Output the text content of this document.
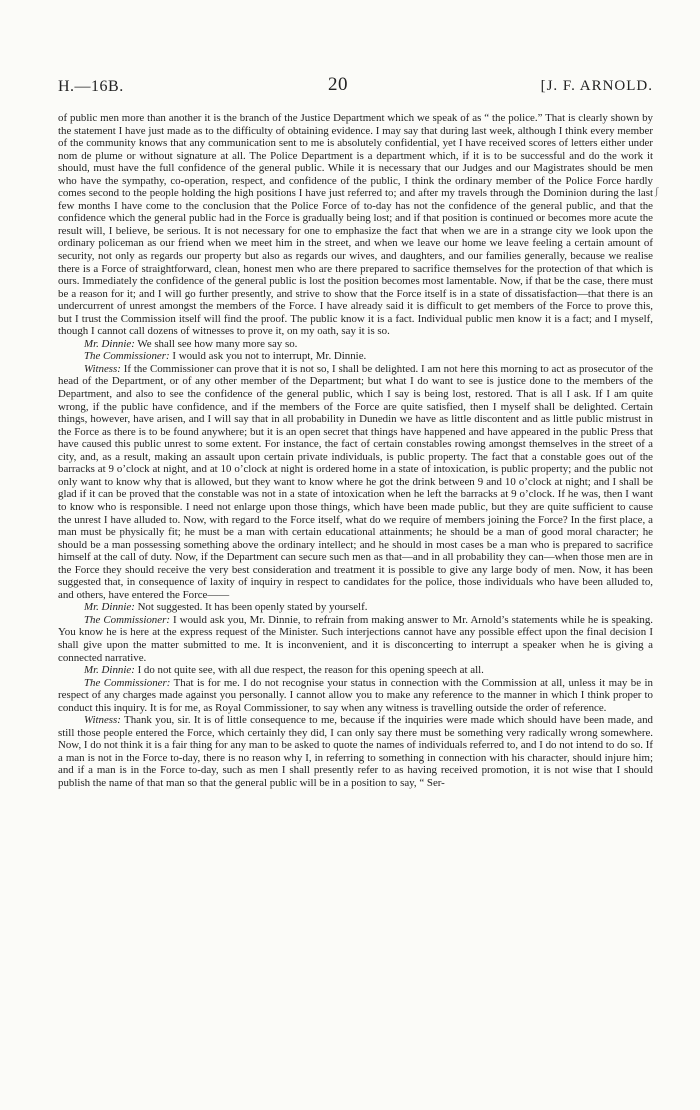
H.—16B.	20	[J. F. ARNOLD.
ʃ

of public men more than another it is the branch of the Justice Department which we speak of as “ the police.” That is clearly shown by the statement I have just made as to the difficulty of obtaining evidence. I may say that during last week, although I think every member of the community knows that any communication sent to me is absolutely confidential, yet I have received scores of letters either under nom de plume or without signature at all. The Police Department is a department which, if it is to be successful and do the work it should, must have the full confidence of the general public. While it is necessary that our Judges and our Magistrates should be men who have the sympathy, co-operation, respect, and confidence of the public, I think the ordinary member of the Police Force hardly comes second to the people holding the high positions I have just referred to; and after my travels through the Dominion during the last few months I have come to the conclusion that the Police Force of to-day has not the confidence of the general public, and that the confidence which the general public had in the Force is gradually being lost; and if that position is continued or becomes more acute the result will, I believe, be serious. It is not necessary for one to emphasize the fact that when we are in a strange city we look upon the ordinary policeman as our friend when we meet him in the street, and when we leave our home we leave feeling a certain amount of security, not only as regards our property but also as regards our wives, and daughters, and our families generally, because we realise there is a Force of straightforward, clean, honest men who are there prepared to sacrifice themselves for the protection of that which is ours. Immediately the confidence of the general public is lost the position becomes most lamentable. Now, if that be the case, there must be a reason for it; and I will go further presently, and strive to show that the Force itself is in a state of dissatisfaction—that there is an undercurrent of unrest amongst the members of the Force. I have already said it is difficult to get members of the Force to prove this, but I trust the Commission itself will find the proof. The public know it is a fact. Individual public men know it is a fact; and I myself, though I cannot call dozens of witnesses to prove it, on my oath, say it is so.

Mr. Dinnie: We shall see how many more say so.

The Commissioner: I would ask you not to interrupt, Mr. Dinnie.

Witness: If the Commissioner can prove that it is not so, I shall be delighted. I am not here this morning to act as prosecutor of the head of the Department, or of any other member of the Department; but what I do want to see is justice done to the members of the Department, and also to see the confidence of the general public, which I say is being lost, restored. That is all I ask. If I am quite wrong, if the public have confidence, and if the members of the Force are quite satisfied, then I myself shall be delighted. Certain things, however, have arisen, and I will say that in all probability in Dunedin we have as little discontent and as little public mistrust in the Force as there is to be found anywhere; but it is an open secret that things have happened and have appeared in the public Press that have caused this public unrest to some extent. For instance, the fact of certain constables rowing amongst themselves in the street of a city, and, as a result, making an assault upon certain private individuals, is public property. The fact that a constable goes out of the barracks at 9 o’clock at night, and at 10 o’clock at night is ordered home in a state of intoxication, is public property; and the public not only want to know why that is allowed, but they want to know where he got the drink between 9 and 10 o’clock at night; and I shall be glad if it can be proved that the constable was not in a state of intoxication when he left the barracks at 9 o’clock. If he was, then I want to know who is responsible. I need not enlarge upon those things, which have been made public, but they are quite sufficient to cause the unrest I have alluded to. Now, with regard to the Force itself, what do we require of members joining the Force? In the first place, a man must be physically fit; he must be a man with certain educational attainments; he should be a man of good moral character; he should be a man possessing something above the ordinary intellect; and he should in most cases be a man who is prepared to sacrifice himself at the call of duty. Now, if the Department can secure such men as that—and in all probability they can—when those men are in the Force they should receive the very best consideration and treatment it is possible to give any large body of men. Now, it has been suggested that, in consequence of laxity of inquiry in respect to candidates for the police, those individuals who have been alluded to, and others, have entered the Force——

Mr. Dinnie: Not suggested. It has been openly stated by yourself.

The Commissioner: I would ask you, Mr. Dinnie, to refrain from making answer to Mr. Arnold’s statements while he is speaking. You know he is here at the express request of the Minister. Such interjections cannot have any possible effect upon the final decision I shall give upon the matter submitted to me. It is inconvenient, and it is disconcerting to interrupt a speaker when he is giving a connected narrative.

Mr. Dinnie: I do not quite see, with all due respect, the reason for this opening speech at all.

The Commissioner: That is for me. I do not recognise your status in connection with the Commission at all, unless it may be in respect of any charges made against you personally. I cannot allow you to make any reference to the manner in which I think proper to conduct this inquiry. It is for me, as Royal Commissioner, to say when any witness is travelling outside the order of reference.

Witness: Thank you, sir. It is of little consequence to me, because if the inquiries were made which should have been made, and still those people entered the Force, which certainly they did, I can only say there must be something very radically wrong somewhere. Now, I do not think it is a fair thing for any man to be asked to quote the names of individuals referred to, and I do not intend to do so. If a man is not in the Force to-day, there is no reason why I, in referring to something in connection with his character, should injure him; and if a man is in the Force to-day, such as men I shall presently refer to as having received promotion, it is not wise that I should publish the name of that man so that the general public will be in a position to say, “ Ser-
